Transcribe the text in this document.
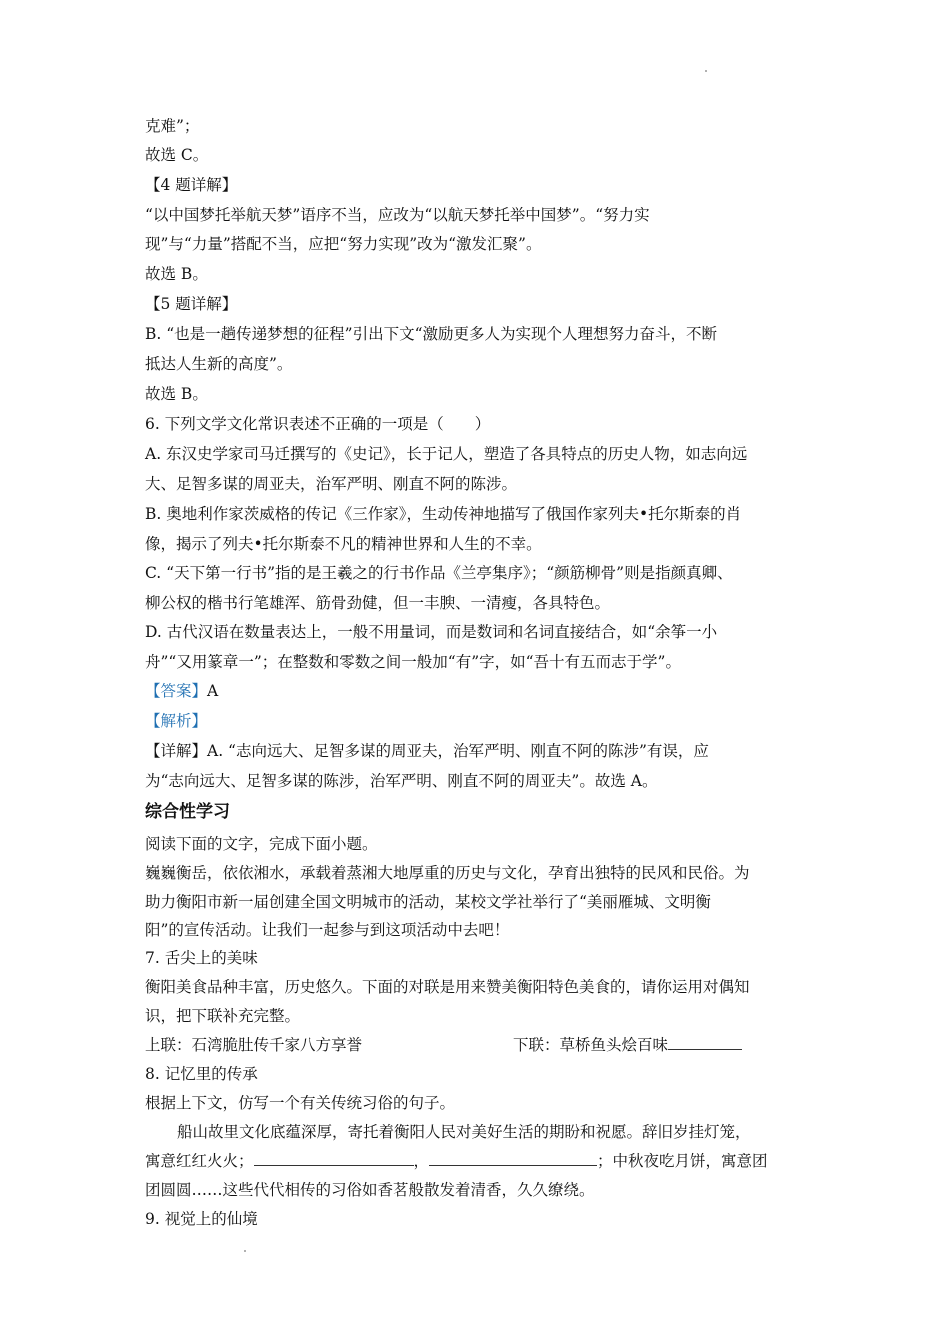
克难”；
故选 C。
【4 题详解】
“以中国梦托举航天梦”语序不当，应改为“以航天梦托举中国梦”。“努力实
现”与“力量”搭配不当，应把“努力实现”改为“激发汇聚”。
故选 B。
【5 题详解】
B. “也是一趟传递梦想的征程”引出下文“激励更多人为实现个人理想努力奋斗，不断
抵达人生新的高度”。
故选 B。
6. 下列文学文化常识表述不正确的一项是（　　）
A. 东汉史学家司马迁撰写的《史记》，长于记人，塑造了各具特点的历史人物，如志向远
大、足智多谋的周亚夫，治军严明、刚直不阿的陈涉。
B. 奥地利作家茨威格的传记《三作家》，生动传神地描写了俄国作家列夫•托尔斯泰的肖
像，揭示了列夫•托尔斯泰不凡的精神世界和人生的不幸。
C. “天下第一行书”指的是王羲之的行书作品《兰亭集序》；“颜筋柳骨”则是指颜真卿、
柳公权的楷书行笔雄浑、筋骨劲健，但一丰腴、一清瘦，各具特色。
D. 古代汉语在数量表达上，一般不用量词，而是数词和名词直接结合，如“余筝一小
舟”“又用篆章一”；在整数和零数之间一般加“有”字，如“吾十有五而志于学”。
【答案】A
【解析】
【详解】A. “志向远大、足智多谋的周亚夫，治军严明、刚直不阿的陈涉”有误，应
为“志向远大、足智多谋的陈涉，治军严明、刚直不阿的周亚夫”。故选 A。
综合性学习
阅读下面的文字，完成下面小题。
巍巍衡岳，依依湘水，承载着蒸湘大地厚重的历史与文化，孕育出独特的民风和民俗。为
助力衡阳市新一届创建全国文明城市的活动，某校文学社举行了“美丽雁城、文明衡
阳”的宣传活动。让我们一起参与到这项活动中去吧！
7. 舌尖上的美味
衡阳美食品种丰富，历史悠久。下面的对联是用来赞美衡阳特色美食的，请你运用对偶知
识，把下联补充完整。
上联：石湾脆肚传千家八方享誉	下联：草桥鱼头烩百味
8. 记忆里的传承
根据上下文，仿写一个有关传统习俗的句子。
船山故里文化底蕴深厚，寄托着衡阳人民对美好生活的期盼和祝愿。辞旧岁挂灯笼，
寓意红红火火；	，	；中秋夜吃月饼，寓意团
团圆圆……这些代代相传的习俗如香茗般散发着清香，久久缭绕。
9. 视觉上的仙境
